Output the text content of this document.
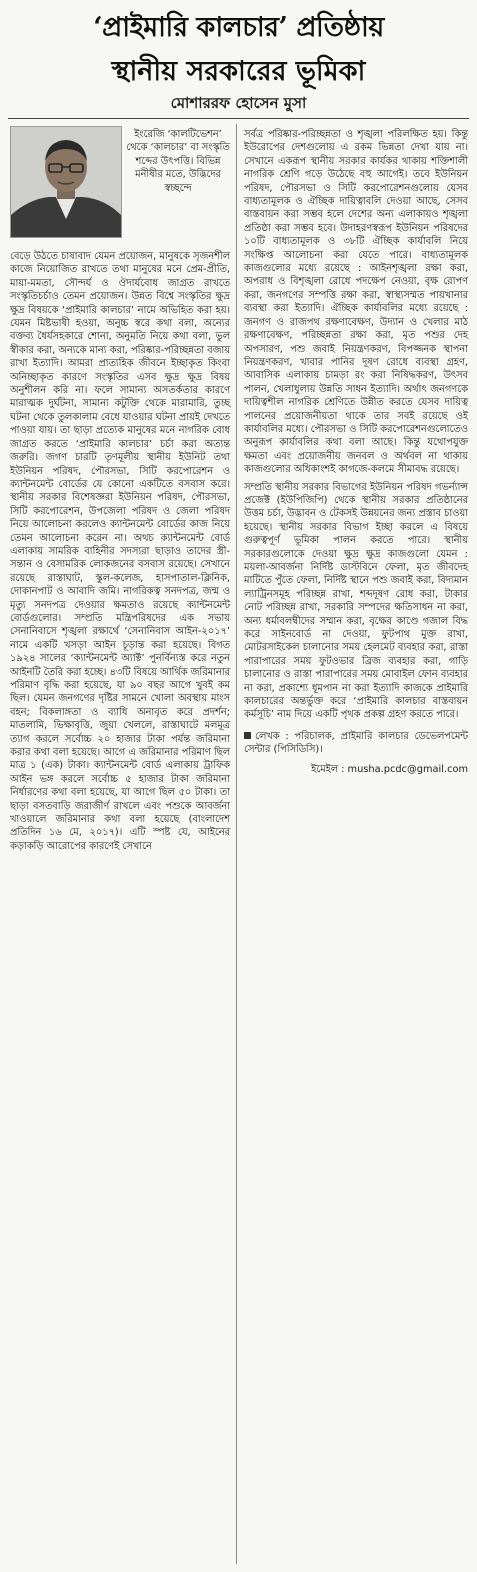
‘প্রাইমারি কালচার’ প্রতিষ্ঠায়
স্থানীয় সরকারের ভূমিকা
মোশাররফ হোসেন মুসা
ইংরেজি ‘কালটিভেশন’ থেকে ‘কালচার’ বা সংস্কৃতি শব্দের উৎপত্তি। বিভিন্ন মনীষীর মতে, উদ্ভিদের স্বচ্ছন্দে

বেড়ে উঠতে চাষাবাদ যেমন প্রয়োজন, মানুষকে সৃজনশীল কাজে নিয়োজিত রাখতে তথা মানুষের মনে প্রেম-প্রীতি, মায়া-মমতা, সৌন্দর্য ও ঔদার্যবোধ জাগ্রত রাখতে সংস্কৃতিচর্চাও তেমন প্রয়োজন। উন্নত বিশ্বে সংস্কৃতির ক্ষুদ্র ক্ষুদ্র বিষয়কে ‘প্রাইমারি কালচার’ নামে অভিহিত করা হয়। যেমন মিষ্টভাষী হওয়া, অনুচ্চ স্বরে কথা বলা, অন্যের বক্তব্য ধৈর্যসহকারে শোনা, অনুমতি নিয়ে কথা বলা, ভুল স্বীকার করা, অন্যকে মান্য করা, পরিষ্কার-পরিচ্ছন্নতা বজায় রাখা ইত্যাদি। আমরা প্রাত্যহিক জীবনে ইচ্ছাকৃত কিংবা অনিচ্ছাকৃত কারণে সংস্কৃতির এসব ক্ষুদ্র ক্ষুদ্র বিষয় অনুশীলন করি না। ফলে সামান্য অসতর্কতার কারণে মারাত্মক দুর্ঘটনা, সামান্য কটুক্তি থেকে মারামারি, তুচ্ছ ঘটনা থেকে তুলকালাম বেধে যাওয়ার ঘটনা প্রায়ই দেখতে পাওয়া যায়। তা ছাড়া প্রত্যেক মানুষের মনে নাগরিক বোধ জাগ্রত করতে ‘প্রাইমারি কালচার’ চর্চা করা অত্যন্ত জরুরি। জগণ চারটি তৃণমূলীয় স্থানীয় ইউনিট তথা ইউনিয়ন পরিষদ, পৌরসভা, সিটি করপোরেশন ও ক্যান্টনমেন্ট বোর্ডের যে কোনো একটিতে বসবাস করে। স্থানীয় সরকার বিশেষজ্ঞরা ইউনিয়ন পরিষদ, পৌরসভা, সিটি করপোরেশন, উপজেলা পরিষদ ও জেলা পরিষদ নিয়ে আলোচনা করলেও ক্যান্টনমেন্ট বোর্ডের কাজ নিয়ে তেমন আলোচনা করেন না। অথচ ক্যান্টনমেন্ট বোর্ড এলাকায় সামরিক বাহিনীর সদস্যরা ছাড়াও তাদের স্ত্রী-সন্তান ও বেসামরিক লোকজনের বসবাস রয়েছে। সেখানে রয়েছে রাস্তাঘাট, স্কুল-কলেজ, হাসপাতাল-ক্লিনিক, দোকানপাট ও আবাদি জমি। নাগরিকত্ব সনদপত্র, জন্ম ও মৃত্যু সনদপত্র দেওয়ার ক্ষমতাও রয়েছে ক্যান্টনমেন্ট বোর্ডগুলোর। সম্প্রতি মন্ত্রিপরিষদের এক সভায় সেনানিবাসে শৃঙ্খলা রক্ষার্থে ‘সেনানিবাস আইন-২০১৭’ নামে একটি খসড়া আইন চূড়ান্ত করা হয়েছে। বিগত ১৯২৪ সালের ‘ক্যান্টনমেন্ট অ্যাক্ট’ পুনর্বিন্যস্ত করে নতুন আইনটি তৈরি করা হচ্ছে। ৪৩টি বিষয়ে আর্থিক জরিমানার পরিমাণ বৃদ্ধি করা হয়েছে, যা ৯০ বছর আগে খুবই কম ছিল। যেমন জনগণের দৃষ্টির সামনে খোলা অবস্থায় মাংস বহন; বিকলাঙ্গতা ও ব্যাধি অনাবৃত করে প্রদর্শন; মাতলামি, ভিক্ষাবৃত্তি, জুয়া খেললে, রাস্তাঘাটে মলমূত্র ত্যাগ করলে সর্বোচ্চ ২০ হাজার টাকা পর্যন্ত জরিমানা করার কথা বলা হয়েছে। আগে এ জরিমানার পরিমাণ ছিল মাত্র ১ (এক) টাকা। ক্যান্টনমেন্ট বোর্ড এলাকায় ট্রাফিক আইন ভঙ্গ করলে সর্বোচ্চ ৫ হাজার টাকা জরিমানা নির্ধারণের কথা বলা হয়েছে, যা আগে ছিল ৫০ টাকা। তা ছাড়া বসতবাড়ি জরাজীর্ণ রাখলে এবং পশুকে আবর্জনা খাওয়ালে জরিমানার কথা বলা হয়েছে (বাংলাদেশ প্রতিদিন ১৬ মে, ২০১৭)। এটি স্পষ্ট যে, আইনের কড়াকড়ি আরোপের কারণেই সেখানে

সর্বত্র পরিষ্কার-পরিচ্ছন্নতা ও শৃঙ্খলা পরিলক্ষিত হয়। কিন্তু ইউরোপের দেশগুলোয় এ রকম ভিন্নতা দেখা যায় না। সেখানে একরূপ স্থানীয় সরকার কার্যকর থাকায় শক্তিশালী নাগরিক শ্রেণি গড়ে উঠেছে বহু আগেই। তবে ইউনিয়ন পরিষদ, পৌরসভা ও সিটি করপোরেশনগুলোয় যেসব বাধ্যতামূলক ও ঐচ্ছিক দায়িত্বাবলি দেওয়া আছে, সেসব বাস্তবায়ন করা সম্ভব হলে দেশের অন্য এলাকায়ও শৃঙ্খলা প্রতিষ্ঠা করা সম্ভব হবে। উদাহরণস্বরূপ ইউনিয়ন পরিষদের ১০টি বাধ্যতামূলক ও ৩৮টি ঐচ্ছিক কার্যাবলি নিয়ে সংক্ষিপ্ত আলোচনা করা যেতে পারে। বাধ্যতামূলক কাজগুলোর মধ্যে রয়েছে : আইনশৃঙ্খলা রক্ষা করা, অপরাধ ও বিশৃঙ্খলা রোধে পদক্ষেপ নেওয়া, বৃক্ষ রোপণ করা, জনগণের সম্পত্তি রক্ষা করা, স্বাস্থ্যসম্মত পায়খানার ব্যবস্থা করা ইত্যাদি। ঐচ্ছিক কার্যাবলির মধ্যে রয়েছে : জনগণ ও রাজপথ রক্ষণাবেক্ষণ, উদ্যান ও খেলার মাঠ রক্ষণাবেক্ষণ, পরিচ্ছন্নতা রক্ষা করা, মৃত পশুর দেহ অপসারণ, পশু জবাই নিয়ন্ত্রণকরণ, বিপজ্জনক স্থাপনা নিয়ন্ত্রণকরণ, খাবার পানির দূষণ রোধে ব্যবস্থা গ্রহণ, আবাসিক এলাকায় চামড়া রং করা নিষিদ্ধকরণ, উৎসব পালন, খেলাধুলায় উন্নতি সাধন ইত্যাদি। অর্থাৎ জনগণকে দায়িত্বশীল নাগরিক শ্রেণিতে উন্নীত করতে যেসব দায়িত্ব পালনের প্রয়োজনীয়তা থাকে তার সবই রয়েছে ওই কার্যাবলির মধ্যে। পৌরসভা ও সিটি করপোরেশনগুলোতেও অনুরূপ কার্যাবলির কথা বলা আছে। কিন্তু যথোপযুক্ত ক্ষমতা এবং প্রয়োজনীয় জনবল ও অর্থবল না থাকায় কাজগুলোর অধিকাংশই কাগজে-কলমে সীমাবদ্ধ রয়েছে।

সম্প্রতি স্থানীয় সরকার বিভাগের ইউনিয়ন পরিষদ গভর্ন্যান্স প্রজেক্ট (ইউপিজিপি) থেকে স্থানীয় সরকার প্রতিষ্ঠানের উত্তম চর্চা, উদ্ভাবন ও টেকসই উন্নয়নের জন্য প্রস্তাব চাওয়া হয়েছে। স্থানীয় সরকার বিভাগ ইচ্ছা করলে এ বিষয়ে গুরুত্বপূর্ণ ভূমিকা পালন করতে পারে। স্থানীয় সরকারগুলোকে দেওয়া ক্ষুদ্র ক্ষুদ্র কাজগুলো যেমন : ময়লা-আবর্জনা নির্দিষ্ট ডাস্টবিনে ফেলা, মৃত জীবদেহ মাটিতে পুঁতে ফেলা, নির্দিষ্ট স্থানে পশু জবাই করা, বিদ্যমান ল্যাট্রিনসমূহ পরিচ্ছন্ন রাখা, শব্দদূষণ রোধ করা, টাকার নোট পরিচ্ছন্ন রাখা, সরকারি সম্পদের ক্ষতিসাধন না করা, অন্য ধর্মাবলম্বীদের সম্মান করা, বৃক্ষের কাণ্ডে গজাল বিদ্ধ করে সাইনবোর্ড না দেওয়া, ফুটপাথ মুক্ত রাখা, মোটরসাইকেল চালানোর সময় হেলমেট ব্যবহার করা, রাস্তা পারাপারের সময় ফুটওভার ব্রিজ ব্যবহার করা, গাড়ি চালানোর ও রাস্তা পারাপারের সময় মোবাইল ফোন ব্যবহার না করা, প্রকাশ্যে ধূমপান না করা ইত্যাদি কাজকে প্রাইমারি কালচারের অন্তর্ভুক্ত করে ‘প্রাইমারি কালচার বাস্তবায়ন কর্মসূচি’ নাম দিয়ে একটি পৃথক প্রকল্প গ্রহণ করতে পারে।

লেখক : পরিচালক, প্রাইমারি কালচার ডেভেলপমেন্ট সেন্টার (পিসিডিসি)।
ইমেইল : musha.pcdc@gmail.com
